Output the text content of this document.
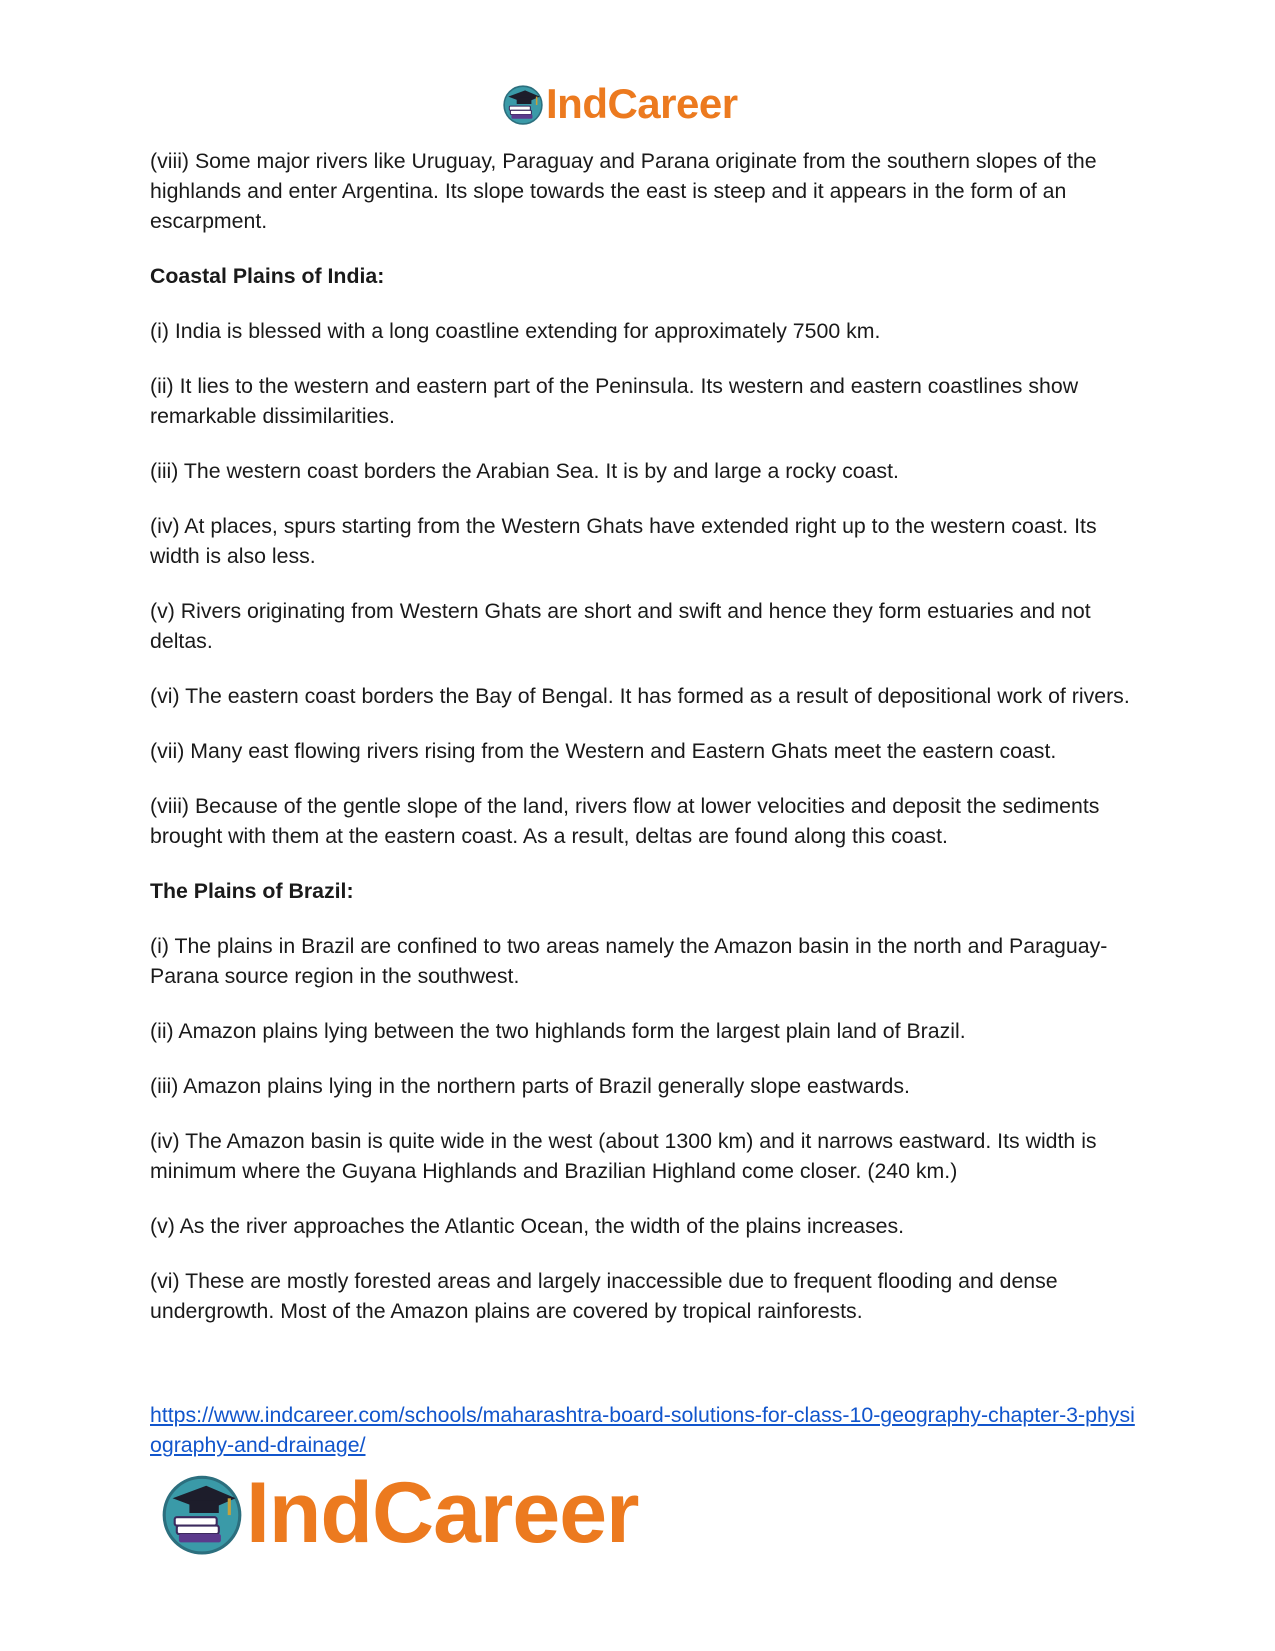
IndCareer

(viii) Some major rivers like Uruguay, Paraguay and Parana originate from the southern slopes of the highlands and enter Argentina. Its slope towards the east is steep and it appears in the form of an escarpment.

Coastal Plains of India:

(i) India is blessed with a long coastline extending for approximately 7500 km.

(ii) It lies to the western and eastern part of the Peninsula. Its western and eastern coastlines show remarkable dissimilarities.

(iii) The western coast borders the Arabian Sea. It is by and large a rocky coast.

(iv) At places, spurs starting from the Western Ghats have extended right up to the western coast. Its width is also less.

(v) Rivers originating from Western Ghats are short and swift and hence they form estuaries and not deltas.

(vi) The eastern coast borders the Bay of Bengal. It has formed as a result of depositional work of rivers.

(vii) Many east flowing rivers rising from the Western and Eastern Ghats meet the eastern coast.

(viii) Because of the gentle slope of the land, rivers flow at lower velocities and deposit the sediments brought with them at the eastern coast. As a result, deltas are found along this coast.

The Plains of Brazil:

(i) The plains in Brazil are confined to two areas namely the Amazon basin in the north and Paraguay-Parana source region in the southwest.

(ii) Amazon plains lying between the two highlands form the largest plain land of Brazil.

(iii) Amazon plains lying in the northern parts of Brazil generally slope eastwards.

(iv) The Amazon basin is quite wide in the west (about 1300 km) and it narrows eastward. Its width is minimum where the Guyana Highlands and Brazilian Highland come closer. (240 km.)

(v) As the river approaches the Atlantic Ocean, the width of the plains increases.

(vi) These are mostly forested areas and largely inaccessible due to frequent flooding and dense undergrowth. Most of the Amazon plains are covered by tropical rainforests.

https://www.indcareer.com/schools/maharashtra-board-solutions-for-class-10-geography-chapter-3-physiography-and-drainage/
IndCareer
